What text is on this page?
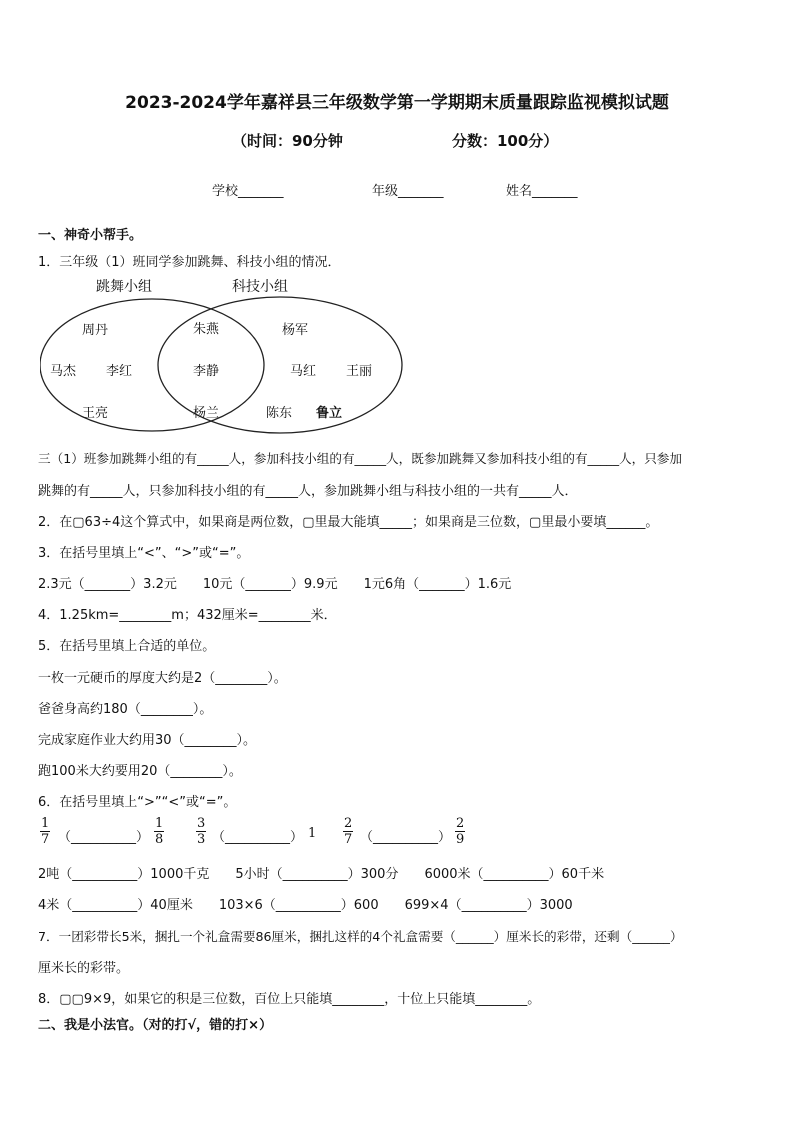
2023-2024学年嘉祥县三年级数学第一学期期末质量跟踪监视模拟试题
（时间：90分钟	分数：100分）
学校_______	年级_______	姓名_______
一、神奇小帮手。
1．三年级（1）班同学参加跳舞、科技小组的情况．
跳舞小组	科技小组
周丹
马杰 李红
王亮
朱燕
李静
杨兰
杨军
马红 王丽
陈东 鲁立
三（1）班参加跳舞小组的有_____人，参加科技小组的有_____人，既参加跳舞又参加科技小组的有_____人，只参加
跳舞的有_____人，只参加科技小组的有_____人，参加跳舞小组与科技小组的一共有_____人．
2．在▢63÷4这个算式中，如果商是两位数，▢里最大能填_____；如果商是三位数，▢里最小要填______。
3．在括号里填上“<”、“>”或“=”。
2.3元（_______）3.2元　　10元（_______）9.9元　　1元6角（_______）1.6元
4．1.25km=________m；432厘米=________米．
5．在括号里填上合适的单位。
一枚一元硬币的厚度大约是2（________）。
爸爸身高约180（________）。
完成家庭作业大约用30（________）。
跑100米大约要用20（________）。
6．在括号里填上“>”“<”或“=”。
$\frac{1}{7}$ （__________） $\frac{1}{8} \frac{3}{3}$ （__________） $1 \frac{2}{7}$ （__________） $\frac{2}{9}$
2吨（__________）1000千克　　5小时（__________）300分　　6000米（__________）60千米
4米（__________）40厘米　　103×6（__________）600　　699×4（__________）3000
7．一团彩带长5米，捆扎一个礼盒需要86厘米，捆扎这样的4个礼盒需要（______）厘米长的彩带，还剩（______）
厘米长的彩带。
8．▢▢9×9，如果它的积是三位数，百位上只能填________，十位上只能填________。
二、我是小法官。（对的打√，错的打×）
